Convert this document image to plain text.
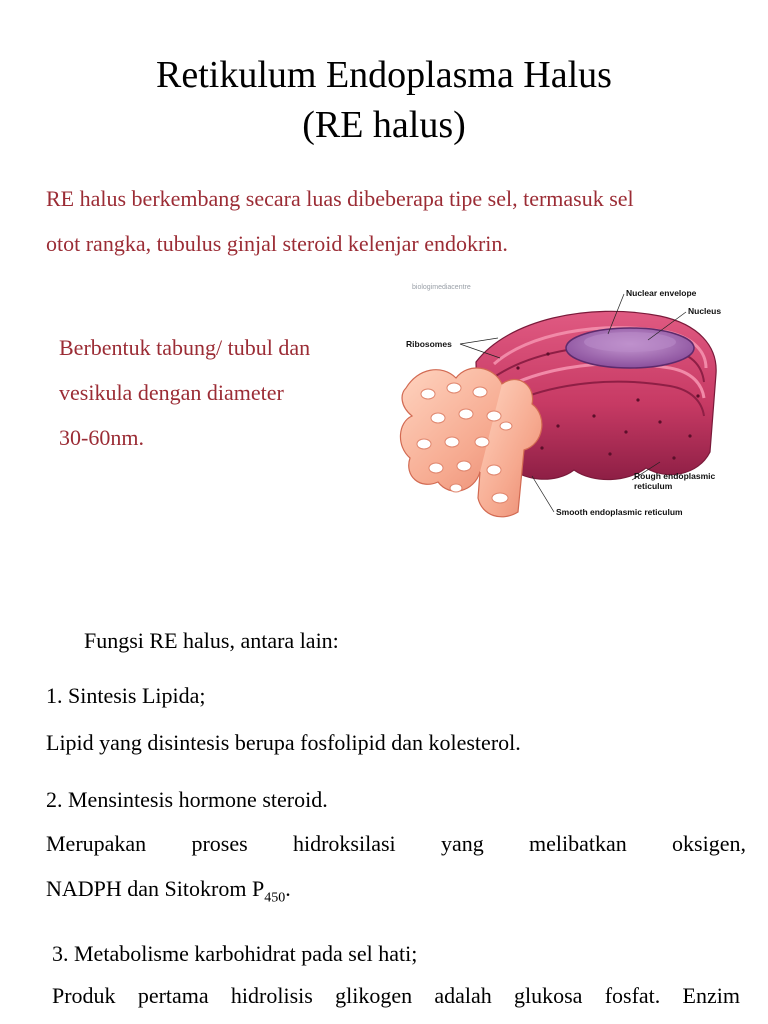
Retikulum Endoplasma Halus
(RE halus)
RE halus berkembang secara luas dibeberapa tipe sel, termasuk sel
otot rangka, tubulus ginjal steroid kelenjar endokrin.
Berbentuk tabung/ tubul dan
vesikula dengan diameter
30-60nm.
biologimediacentre
Nuclear envelope
Nucleus
Ribosomes
Rough endoplasmic
reticulum
Smooth endoplasmic reticulum
Fungsi RE halus, antara lain:
1. Sintesis Lipida;
Lipid yang disintesis berupa fosfolipid dan kolesterol.
2. Mensintesis hormone steroid.
Merupakan proses hidroksilasi yang melibatkan oksigen,
NADPH dan Sitokrom $P_{450}$.
3. Metabolisme karbohidrat pada sel hati;
Produk pertama hidrolisis glikogen adalah glukosa fosfat. Enzim
